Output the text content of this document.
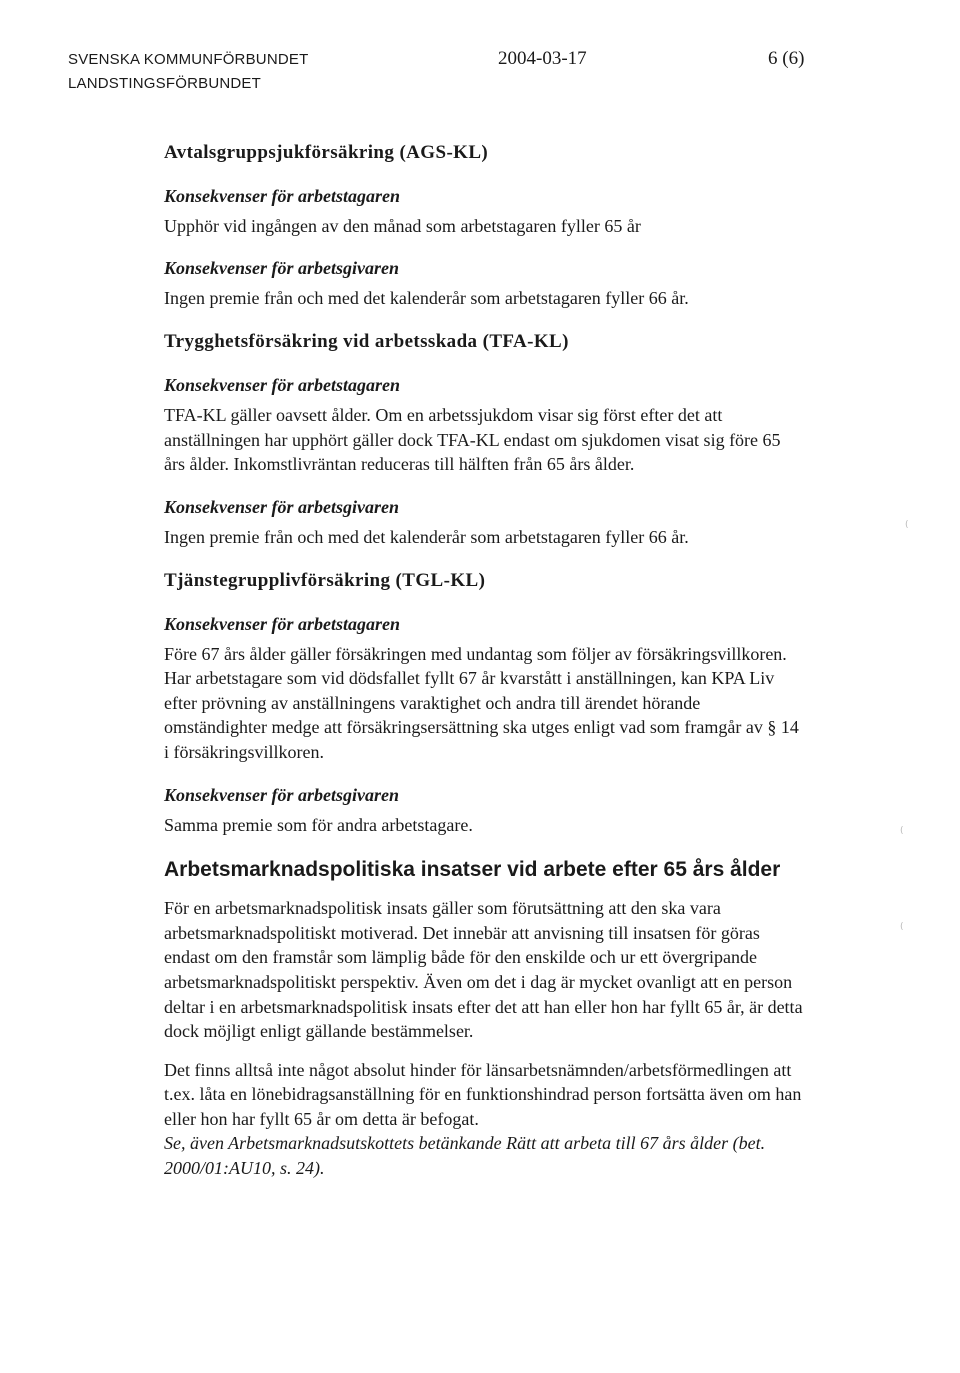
SVENSKA KOMMUNFÖRBUNDET
LANDSTINGSFÖRBUNDET
2004-03-17	6 (6)
Avtalsgruppsjukförsäkring (AGS-KL)

Konsekvenser för arbetstagaren

Upphör vid ingången av den månad som arbetstagaren fyller 65 år

Konsekvenser för arbetsgivaren

Ingen premie från och med det kalenderår som arbetstagaren fyller 66 år.

Trygghetsförsäkring vid arbetsskada (TFA-KL)

Konsekvenser för arbetstagaren

TFA-KL gäller oavsett ålder. Om en arbetssjukdom visar sig först efter det att anställningen har upphört gäller dock TFA-KL endast om sjukdomen visat sig före 65 års ålder. Inkomstlivräntan reduceras till hälften från 65 års ålder.

Konsekvenser för arbetsgivaren

Ingen premie från och med det kalenderår som arbetstagaren fyller 66 år.

Tjänstegrupplivförsäkring (TGL-KL)

Konsekvenser för arbetstagaren

Före 67 års ålder gäller försäkringen med undantag som följer av försäkringsvillkoren. Har arbetstagare som vid dödsfallet fyllt 67 år kvarstått i anställningen, kan KPA Liv efter prövning av anställningens varaktighet och andra till ärendet hörande omständighter medge att försäkringsersättning ska utges enligt vad som framgår av § 14 i försäkringsvillkoren.

Konsekvenser för arbetsgivaren

Samma premie som för andra arbetstagare.

Arbetsmarknadspolitiska insatser vid arbete efter 65 års ålder

För en arbetsmarknadspolitisk insats gäller som förutsättning att den ska vara arbetsmarknadspolitiskt motiverad. Det innebär att anvisning till insatsen för göras endast om den framstår som lämplig både för den enskilde och ur ett övergripande arbetsmarknadspolitiskt perspektiv. Även om det i dag är mycket ovanligt att en person deltar i en arbetsmarknadspolitisk insats efter det att han eller hon har fyllt 65 år, är detta dock möjligt enligt gällande bestämmelser.

Det finns alltså inte något absolut hinder för länsarbetsnämnden/arbetsförmedlingen att t.ex. låta en lönebidragsanställning för en funktionshindrad person fortsätta även om han eller hon har fyllt 65 år om detta är befogat.

Se, även Arbetsmarknadsutskottets betänkande Rätt att arbeta till 67 års ålder (bet. 2000/01:AU10, s. 24).

(
(
(
